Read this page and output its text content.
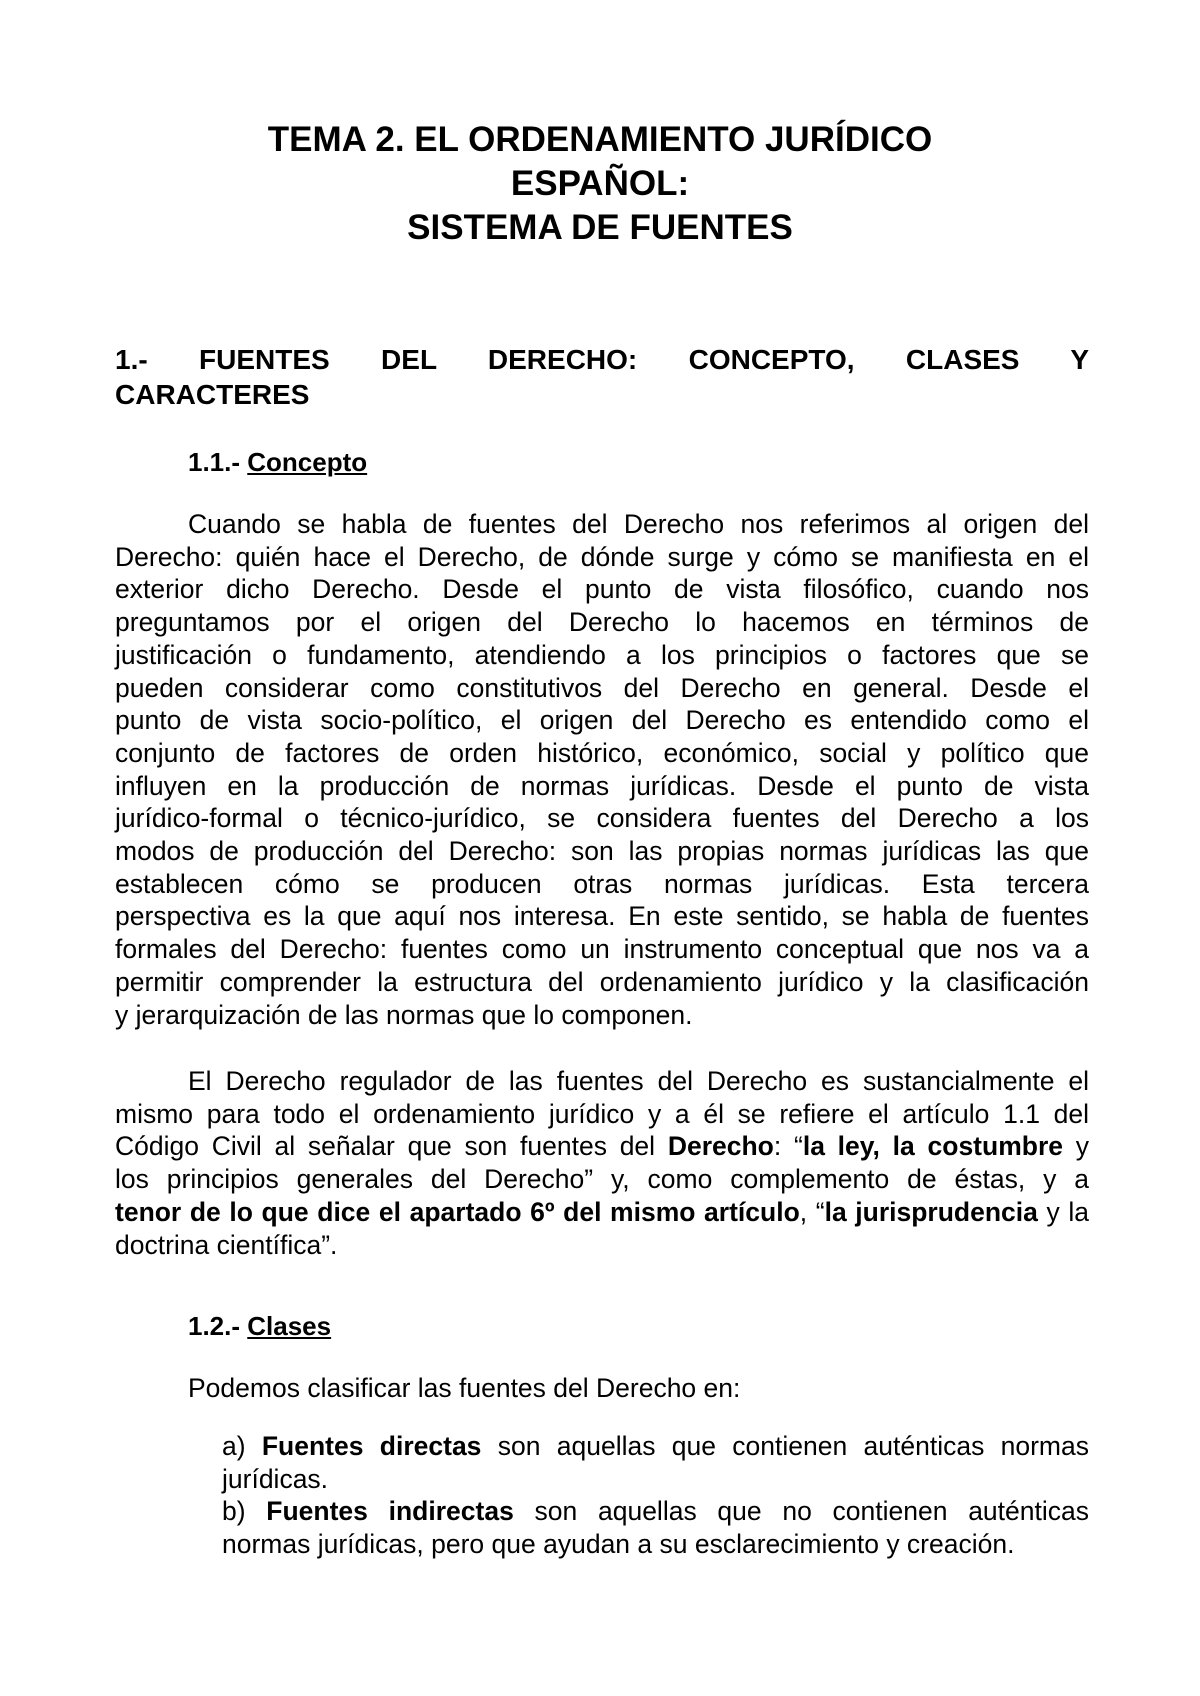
TEMA 2. EL ORDENAMIENTO JURÍDICO
ESPAÑOL:
SISTEMA DE FUENTES
1.- FUENTES DEL DERECHO: CONCEPTO, CLASES Y
CARACTERES
1.1.- Concepto
Cuando se habla de fuentes del Derecho nos referimos al origen del
Derecho: quién hace el Derecho, de dónde surge y cómo se manifiesta en el
exterior dicho Derecho. Desde el punto de vista filosófico, cuando nos
preguntamos por el origen del Derecho lo hacemos en términos de
justificación o fundamento, atendiendo a los principios o factores que se
pueden considerar como constitutivos del Derecho en general. Desde el
punto de vista socio-político, el origen del Derecho es entendido como el
conjunto de factores de orden histórico, económico, social y político que
influyen en la producción de normas jurídicas. Desde el punto de vista
jurídico-formal o técnico-jurídico, se considera fuentes del Derecho a los
modos de producción del Derecho: son las propias normas jurídicas las que
establecen cómo se producen otras normas jurídicas. Esta tercera
perspectiva es la que aquí nos interesa. En este sentido, se habla de fuentes
formales del Derecho: fuentes como un instrumento conceptual que nos va a
permitir comprender la estructura del ordenamiento jurídico y la clasificación
y jerarquización de las normas que lo componen.
El Derecho regulador de las fuentes del Derecho es sustancialmente el
mismo para todo el ordenamiento jurídico y a él se refiere el artículo 1.1 del
Código Civil al señalar que son fuentes del Derecho: “la ley, la costumbre y
los principios generales del Derecho” y, como complemento de éstas, y a
tenor de lo que dice el apartado 6º del mismo artículo, “la jurisprudencia y la
doctrina científica”.
1.2.- Clases
Podemos clasificar las fuentes del Derecho en:
a) Fuentes directas son aquellas que contienen auténticas normas
jurídicas.
b) Fuentes indirectas son aquellas que no contienen auténticas
normas jurídicas, pero que ayudan a su esclarecimiento y creación.
